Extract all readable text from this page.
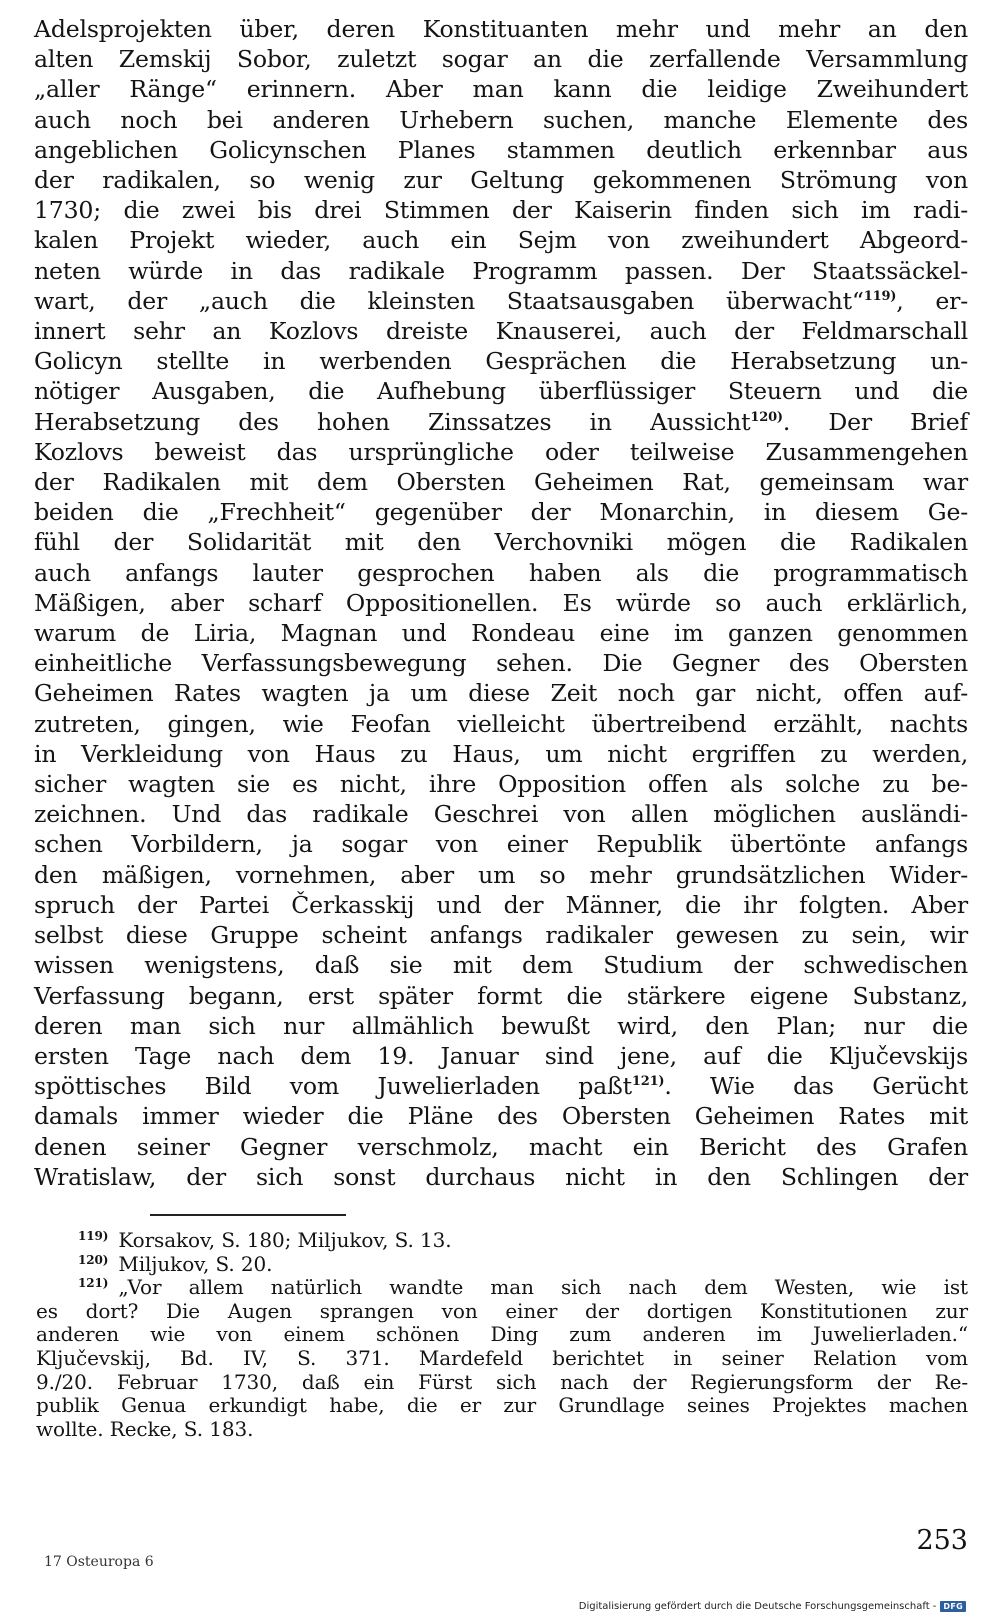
Adelsprojekten über, deren Konstituanten mehr und mehr an den
alten Zemskij Sobor, zuletzt sogar an die zerfallende Versammlung
„aller Ränge“ erinnern. Aber man kann die leidige Zweihundert
auch noch bei anderen Urhebern suchen, manche Elemente des
angeblichen Golicynschen Planes stammen deutlich erkennbar aus
der radikalen, so wenig zur Geltung gekommenen Strömung von
1730; die zwei bis drei Stimmen der Kaiserin finden sich im radi-
kalen Projekt wieder, auch ein Sejm von zweihundert Abgeord-
neten würde in das radikale Programm passen. Der Staatssäckel-
wart, der „auch die kleinsten Staatsausgaben überwacht“$^{119)}$, er-
innert sehr an Kozlovs dreiste Knauserei, auch der Feldmarschall
Golicyn stellte in werbenden Gesprächen die Herabsetzung un-
nötiger Ausgaben, die Aufhebung überflüssiger Steuern und die
Herabsetzung des hohen Zinssatzes in Aussicht$^{120)}$. Der Brief
Kozlovs beweist das ursprüngliche oder teilweise Zusammengehen
der Radikalen mit dem Obersten Geheimen Rat, gemeinsam war
beiden die „Frechheit“ gegenüber der Monarchin, in diesem Ge-
fühl der Solidarität mit den Verchovniki mögen die Radikalen
auch anfangs lauter gesprochen haben als die programmatisch
Mäßigen, aber scharf Oppositionellen. Es würde so auch erklärlich,
warum de Liria, Magnan und Rondeau eine im ganzen genommen
einheitliche Verfassungsbewegung sehen. Die Gegner des Obersten
Geheimen Rates wagten ja um diese Zeit noch gar nicht, offen auf-
zutreten, gingen, wie Feofan vielleicht übertreibend erzählt, nachts
in Verkleidung von Haus zu Haus, um nicht ergriffen zu werden,
sicher wagten sie es nicht, ihre Opposition offen als solche zu be-
zeichnen. Und das radikale Geschrei von allen möglichen ausländi-
schen Vorbildern, ja sogar von einer Republik übertönte anfangs
den mäßigen, vornehmen, aber um so mehr grundsätzlichen Wider-
spruch der Partei Čerkasskij und der Männer, die ihr folgten. Aber
selbst diese Gruppe scheint anfangs radikaler gewesen zu sein, wir
wissen wenigstens, daß sie mit dem Studium der schwedischen
Verfassung begann, erst später formt die stärkere eigene Substanz,
deren man sich nur allmählich bewußt wird, den Plan; nur die
ersten Tage nach dem 19. Januar sind jene, auf die Ključevskijs
spöttisches Bild vom Juwelierladen paßt$^{121)}$. Wie das Gerücht
damals immer wieder die Pläne des Obersten Geheimen Rates mit
denen seiner Gegner verschmolz, macht ein Bericht des Grafen
Wratislaw, der sich sonst durchaus nicht in den Schlingen der
$^{119)}$ Korsakov, S. 180; Miljukov, S. 13.
$^{120)}$ Miljukov, S. 20.
$^{121)}$ „Vor allem natürlich wandte man sich nach dem Westen, wie ist
es dort? Die Augen sprangen von einer der dortigen Konstitutionen zur
anderen wie von einem schönen Ding zum anderen im Juwelierladen.“
Ključevskij, Bd. IV, S. 371. Mardefeld berichtet in seiner Relation vom
9./20. Februar 1730, daß ein Fürst sich nach der Regierungsform der Re-
publik Genua erkundigt habe, die er zur Grundlage seines Projektes machen
wollte. Recke, S. 183.
17 Osteuropa 6
253
Digitalisierung gefördert durch die Deutsche Forschungsgemeinschaft - DFG
